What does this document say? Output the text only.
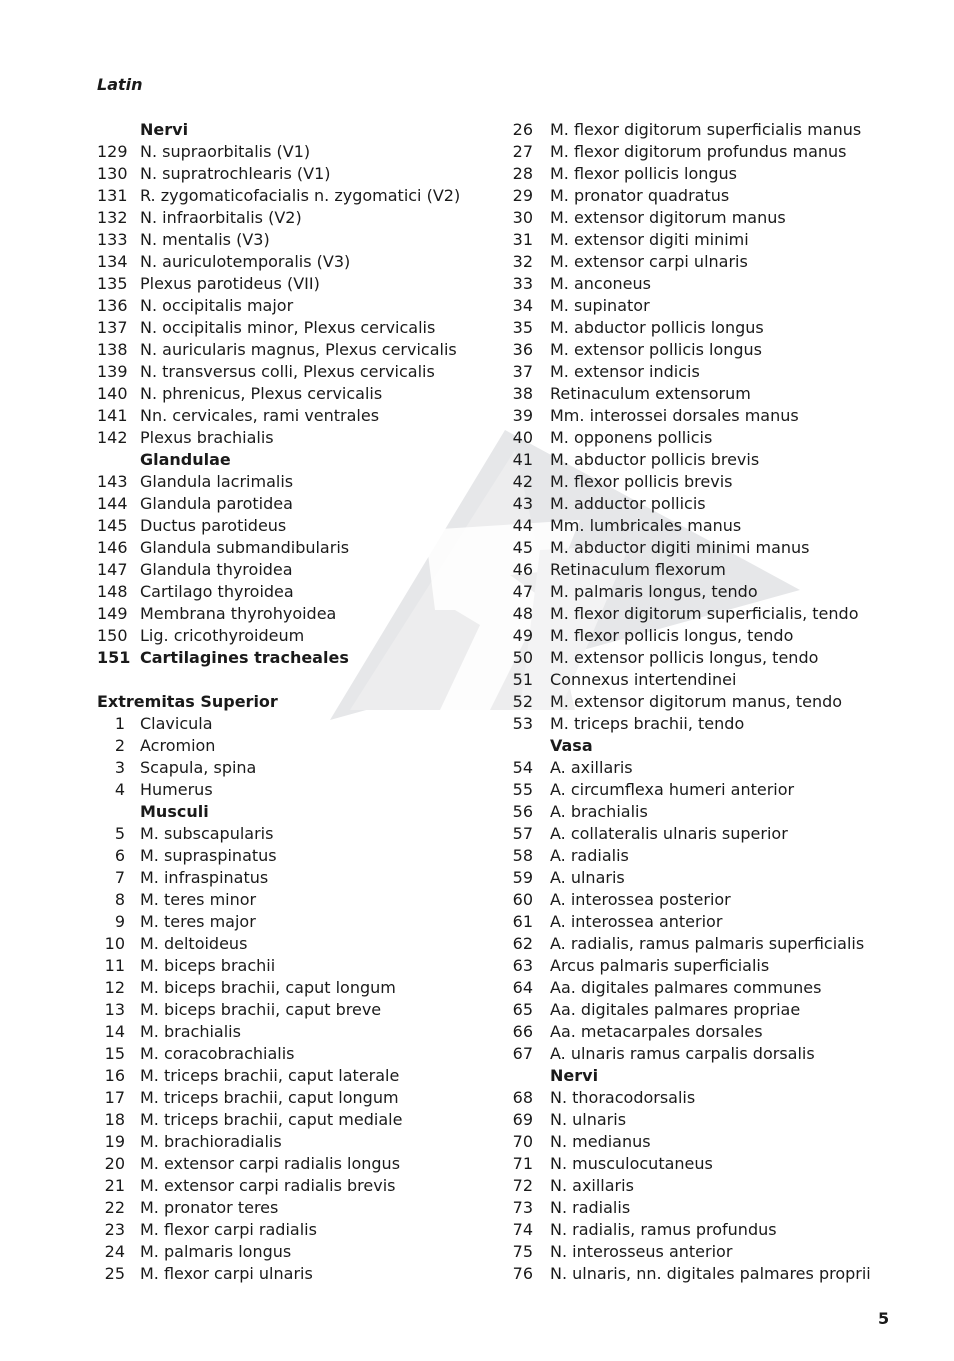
Latin
Nervi
129 N. supraorbitalis (V1)
130 N. supratrochlearis (V1)
131 R. zygomaticofacialis n. zygomatici (V2)
132 N. infraorbitalis (V2)
133 N. mentalis (V3)
134 N. auriculotemporalis (V3)
135 Plexus parotideus (VII)
136 N. occipitalis major
137 N. occipitalis minor, Plexus cervicalis
138 N. auricularis magnus, Plexus cervicalis
139 N. transversus colli, Plexus cervicalis
140 N. phrenicus, Plexus cervicalis
141 Nn. cervicales, rami ventrales
142 Plexus brachialis
Glandulae
143 Glandula lacrimalis
144 Glandula parotidea
145 Ductus parotideus
146 Glandula submandibularis
147 Glandula thyroidea
148 Cartilago thyroidea
149 Membrana thyrohyoidea
150 Lig. cricothyroideum
151 Cartilagines tracheales
Extremitas Superior
1 Clavicula
2 Acromion
3 Scapula, spina
4 Humerus
Musculi
5 M. subscapularis
6 M. supraspinatus
7 M. infraspinatus
8 M. teres minor
9 M. teres major
10 M. deltoideus
11 M. biceps brachii
12 M. biceps brachii, caput longum
13 M. biceps brachii, caput breve
14 M. brachialis
15 M. coracobrachialis
16 M. triceps brachii, caput laterale
17 M. triceps brachii, caput longum
18 M. triceps brachii, caput mediale
19 M. brachioradialis
20 M. extensor carpi radialis longus
21 M. extensor carpi radialis brevis
22 M. pronator teres
23 M. flexor carpi radialis
24 M. palmaris longus
25 M. flexor carpi ulnaris
26 M. flexor digitorum superficialis manus
27 M. flexor digitorum profundus manus
28 M. flexor pollicis longus
29 M. pronator quadratus
30 M. extensor digitorum manus
31 M. extensor digiti minimi
32 M. extensor carpi ulnaris
33 M. anconeus
34 M. supinator
35 M. abductor pollicis longus
36 M. extensor pollicis longus
37 M. extensor indicis
38 Retinaculum extensorum
39 Mm. interossei dorsales manus
40 M. opponens pollicis
41 M. abductor pollicis brevis
42 M. flexor pollicis brevis
43 M. adductor pollicis
44 Mm. lumbricales manus
45 M. abductor digiti minimi manus
46 Retinaculum flexorum
47 M. palmaris longus, tendo
48 M. flexor digitorum superficialis, tendo
49 M. flexor pollicis longus, tendo
50 M. extensor pollicis longus, tendo
51 Connexus intertendinei
52 M. extensor digitorum manus, tendo
53 M. triceps brachii, tendo
Vasa
54 A. axillaris
55 A. circumflexa humeri anterior
56 A. brachialis
57 A. collateralis ulnaris superior
58 A. radialis
59 A. ulnaris
60 A. interossea posterior
61 A. interossea anterior
62 A. radialis, ramus palmaris superficialis
63 Arcus palmaris superficialis
64 Aa. digitales palmares communes
65 Aa. digitales palmares propriae
66 Aa. metacarpales dorsales
67 A. ulnaris ramus carpalis dorsalis
Nervi
68 N. thoracodorsalis
69 N. ulnaris
70 N. medianus
71 N. musculocutaneus
72 N. axillaris
73 N. radialis
74 N. radialis, ramus profundus
75 N. interosseus anterior
76 N. ulnaris, nn. digitales palmares proprii
5
